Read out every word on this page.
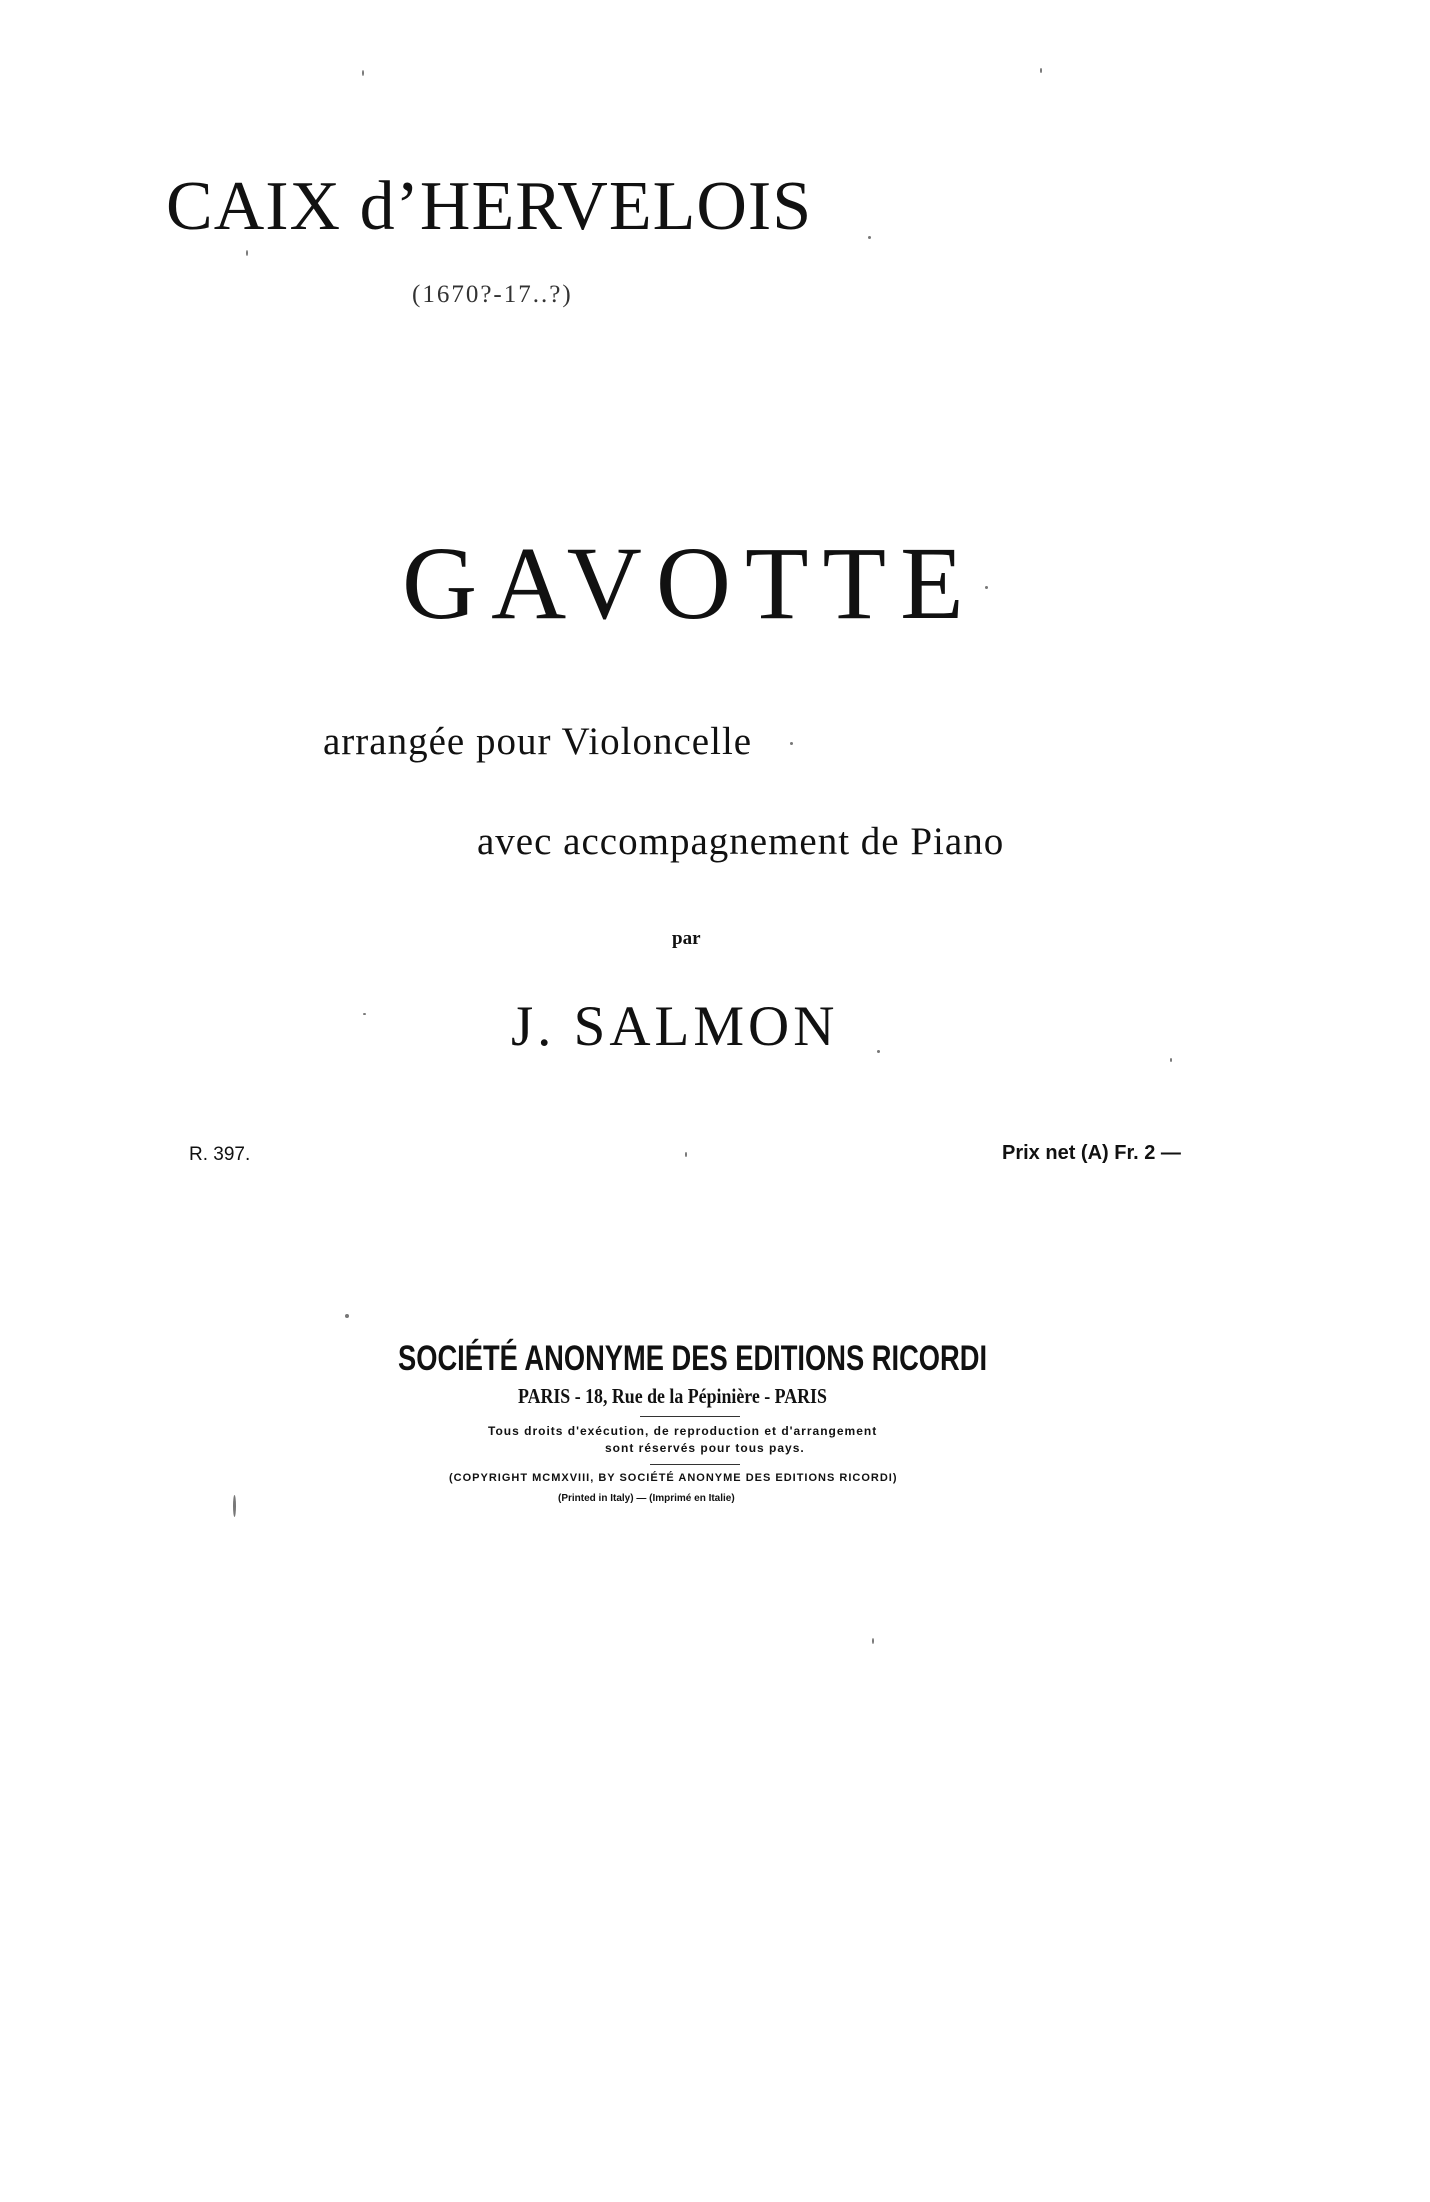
CAIX d’HERVELOIS
(1670?-17..?)
GAVOTTE
arrangée pour Violoncelle
avec accompagnement de Piano
par
J. SALMON
R. 397.	Prix net (A) Fr. 2 —
SOCIÉTÉ ANONYME DES EDITIONS RICORDI
PARIS - 18, Rue de la Pépinière - PARIS
Tous droits d'exécution, de reproduction et d'arrangement
sont réservés pour tous pays.
(COPYRIGHT MCMXVIII, BY SOCIÉTÉ ANONYME DES EDITIONS RICORDI)
(Printed in Italy) — (Imprimé en Italie)
